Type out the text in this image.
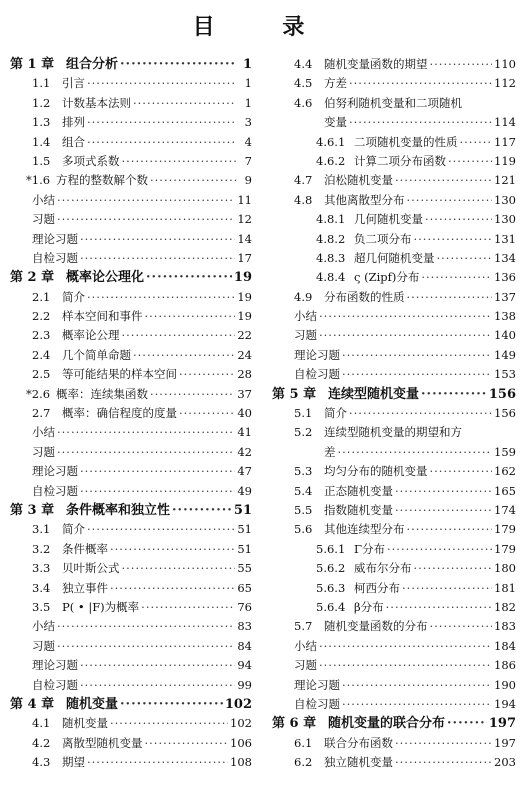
目 录
第 1 章 组合分析 ·····	1
1.1	引言 ·····	1
1.2	计数基本法则 ·····	1
1.3	排列 ·····	3
1.4	组合 ·····	4
1.5	多项式系数 ·····	7
*1.6 方程的整数解个数 ·····	9
小结 ·····	11
习题 ·····	12
理论习题 ·····	14
自检习题 ·····	17
第 2 章 概率论公理化 ·····	19
2.1	简介 ·····	19
2.2	样本空间和事件 ·····	19
2.3	概率论公理 ·····	22
2.4	几个简单命题 ·····	24
2.5	等可能结果的样本空间 ·····	28
*2.6 概率：连续集函数 ·····	37
2.7	概率：确信程度的度量 ·····	40
小结 ·····	41
习题 ·····	42
理论习题 ·····	47
自检习题 ·····	49
第 3 章 条件概率和独立性 ·····	51
3.1	简介 ·····	51
3.2	条件概率 ·····	51
3.3	贝叶斯公式 ·····	55
3.4	独立事件 ·····	65
3.5	P( • |F)为概率 ·····	76
小结 ·····	83
习题 ·····	84
理论习题 ·····	94
自检习题 ·····	99
第 4 章 随机变量 ·····	102
4.1	随机变量 ·····	102
4.2	离散型随机变量 ·····	106
4.3	期望 ·····	108
4.4	随机变量函数的期望 ·····	110
4.5	方差 ·····	112
4.6	伯努利随机变量和二项随机
变量 ·····	114
4.6.1 二项随机变量的性质 ·····	117
4.6.2 计算二项分布函数 ·····	119
4.7	泊松随机变量 ·····	121
4.8	其他离散型分布 ·····	130
4.8.1 几何随机变量 ·····	130
4.8.2 负二项分布 ·····	131
4.8.3 超几何随机变量 ·····	134
4.8.4 ς (Zipf)分布 ·····	136
4.9	分布函数的性质 ·····	137
小结 ·····	138
习题 ·····	140
理论习题 ·····	149
自检习题 ·····	153
第 5 章 连续型随机变量 ·····	156
5.1	简介 ·····	156
5.2	连续型随机变量的期望和方
差 ·····	159
5.3	均匀分布的随机变量 ·····	162
5.4	正态随机变量 ·····	165
5.5	指数随机变量 ·····	174
5.6	其他连续型分布 ·····	179
5.6.1 Γ分布 ·····	179
5.6.2 威布尔分布 ·····	180
5.6.3 柯西分布 ·····	181
5.6.4 β分布 ·····	182
5.7	随机变量函数的分布 ·····	183
小结 ·····	184
习题 ·····	186
理论习题 ·····	190
自检习题 ·····	194
第 6 章 随机变量的联合分布 ·····	197
6.1	联合分布函数 ·····	197
6.2	独立随机变量 ·····	203
